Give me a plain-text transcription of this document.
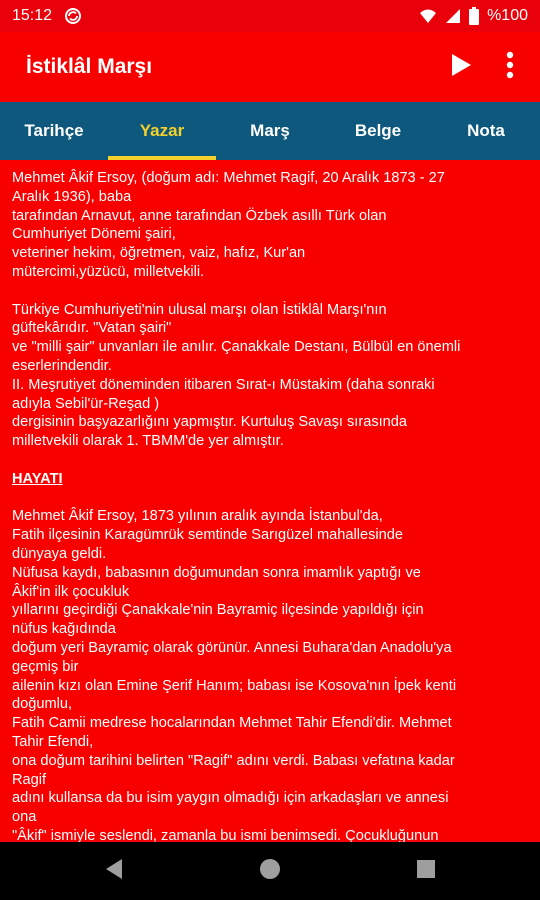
15:12	%100
İstiklâl Marşı
Tarihçe	Yazar	Marş	Belge	Nota
Mehmet Âkif Ersoy, (doğum adı: Mehmet Ragif, 20 Aralık 1873 - 27
Aralık 1936), baba
tarafından Arnavut, anne tarafından Özbek asıllı Türk olan
Cumhuriyet Dönemi şairi,
veteriner hekim, öğretmen, vaiz, hafız, Kur'an
mütercimi,yüzücü, milletvekili.
Türkiye Cumhuriyeti'nin ulusal marşı olan İstiklâl Marşı'nın
güftekârıdır. "Vatan şairi"
ve "milli şair" unvanları ile anılır. Çanakkale Destanı, Bülbül en önemli
eserlerindendir.
II. Meşrutiyet döneminden itibaren Sırat-ı Müstakim (daha sonraki
adıyla Sebil'ür-Reşad )
dergisinin başyazarlığını yapmıştır. Kurtuluş Savaşı sırasında
milletvekili olarak 1. TBMM'de yer almıştır.
HAYATI
Mehmet Âkif Ersoy, 1873 yılının aralık ayında İstanbul'da,
Fatih ilçesinin Karagümrük semtinde Sarıgüzel mahallesinde
dünyaya geldi.
Nüfusa kaydı, babasının doğumundan sonra imamlık yaptığı ve
Âkif'in ilk çocukluk
yıllarını geçirdiği Çanakkale'nin Bayramiç ilçesinde yapıldığı için
nüfus kağıdında
doğum yeri Bayramiç olarak görünür. Annesi Buhara'dan Anadolu'ya
geçmiş bir
ailenin kızı olan Emine Şerif Hanım; babası ise Kosova'nın İpek kenti
doğumlu,
Fatih Camii medrese hocalarından Mehmet Tahir Efendi'dir. Mehmet
Tahir Efendi,
ona doğum tarihini belirten "Ragif" adını verdi. Babası vefatına kadar
Ragif
adını kullansa da bu isim yaygın olmadığı için arkadaşları ve annesi
ona
"Âkif" ismiyle seslendi, zamanla bu ismi benimsedi. Çocukluğunun
